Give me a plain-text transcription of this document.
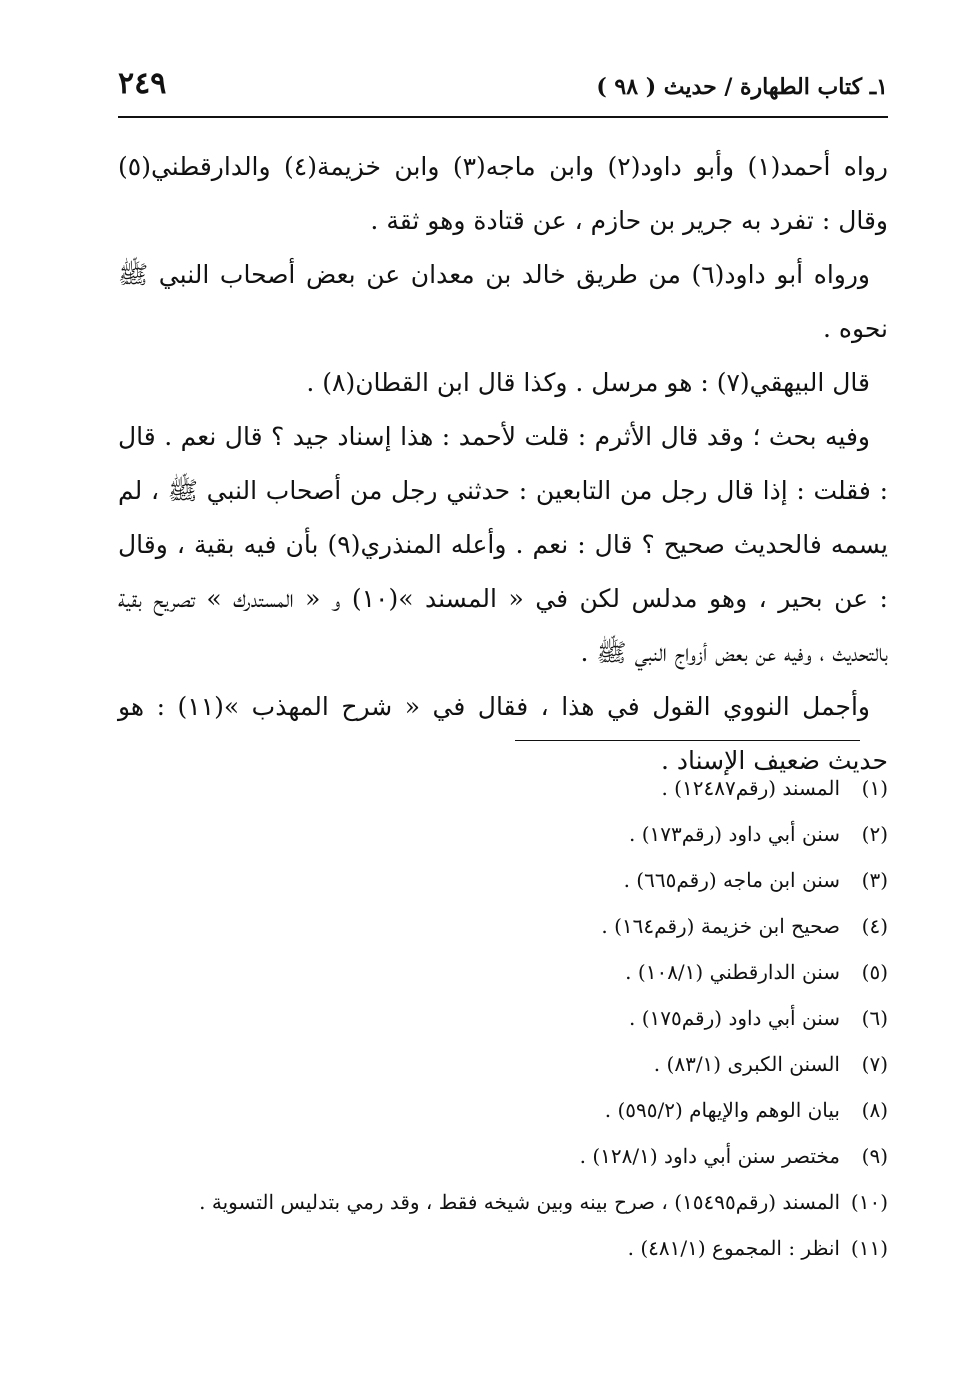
١ـ كتاب الطهارة / حديث ( ٩٨ )
٢٤٩

رواه أحمد(١) وأبو داود(٢) وابن ماجه(٣) وابن خزيمة(٤) والدارقطني(٥) وقال : تفرد به جرير بن حازم ، عن قتادة وهو ثقة .

ورواه أبو داود(٦) من طريق خالد بن معدان عن بعض أصحاب النبي ﷺ نحوه .

قال البيهقي(٧) : هو مرسل . وكذا قال ابن القطان(٨) .

وفيه بحث ؛ وقد قال الأثرم : قلت لأحمد : هذا إسناد جيد ؟ قال نعم . قال : فقلت : إذا قال رجل من التابعين : حدثني رجل من أصحاب النبي ﷺ ، لم يسمه فالحديث صحيح ؟ قال : نعم . وأعله المنذري(٩) بأن فيه بقية ، وقال : عن بحير ، وهو مدلس لكن في « المسند »(١٠) و « المستدرك » تصريح بقية بالتحديث ، وفيه عن بعض أزواج النبي ﷺ .

وأجمل النووي القول في هذا ، فقال في « شرح المهذب »(١١) : هو حديث ضعيف الإسناد .

(١)
المسند (رقم١٢٤٨٧) .
(٢)
سنن أبي داود (رقم١٧٣) .
(٣)
سنن ابن ماجه (رقم٦٦٥) .
(٤)
صحيح ابن خزيمة (رقم١٦٤) .
(٥)
سنن الدارقطني (١٠٨/١) .
(٦)
سنن أبي داود (رقم١٧٥) .
(٧)
السنن الكبرى (٨٣/١) .
(٨)
بيان الوهم والإيهام (٥٩٥/٢) .
(٩)
مختصر سنن أبي داود (١٢٨/١) .
(١٠)
المسند (رقم١٥٤٩٥) ، صرح بينه وبين شيخه فقط ، وقد رمي بتدليس التسوية .
(١١)
انظر : المجموع (٤٨١/١) .
